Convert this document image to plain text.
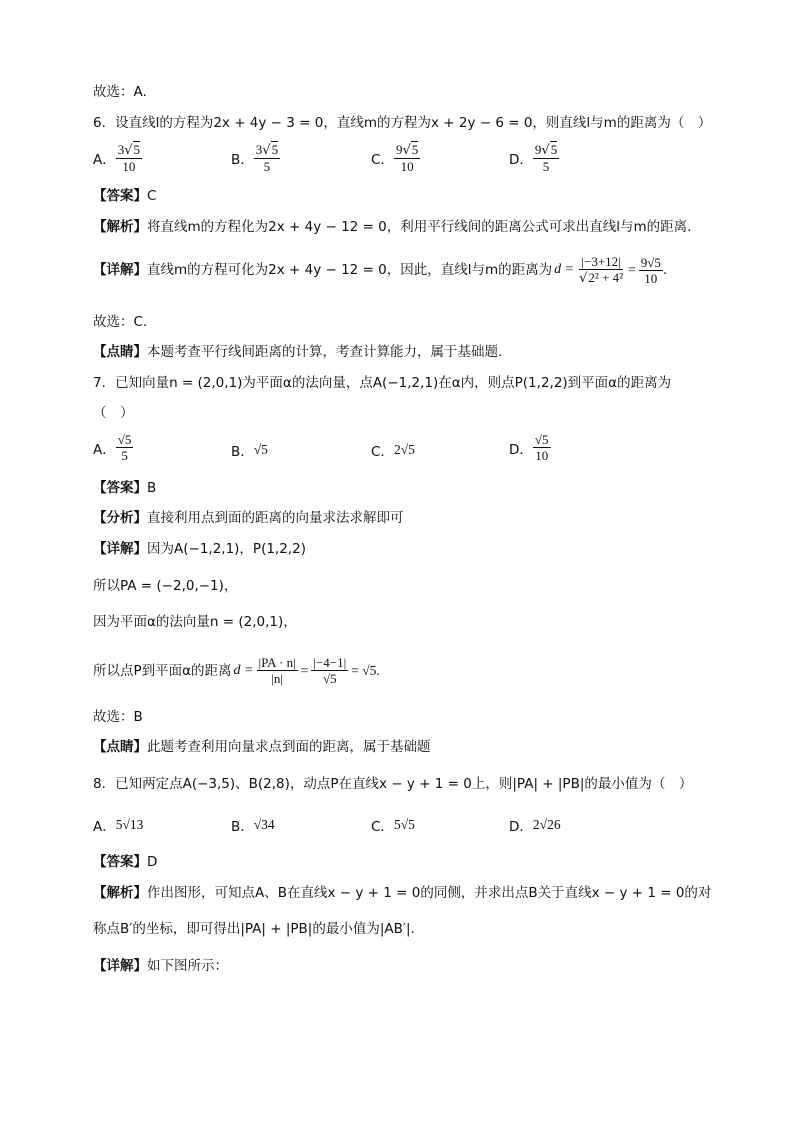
故选：A.
6．设直线l的方程为2x + 4y − 3 = 0，直线m的方程为x + 2y − 6 = 0，则直线l与m的距离为（　）
A． $\frac{3√5}{10}$	B． $\frac{3√5}{5}$	C． $\frac{9√5}{10}$	D． $\frac{9√5}{5}$
【答案】C
【解析】将直线m的方程化为2x + 4y − 12 = 0，利用平行线间的距离公式可求出直线l与m的距离.
【详解】 直线m的方程可化为2x + 4y − 12 = 0，因此，直线l与m的距离为 $d = \frac{|-3+12|}{\text{√2² + 4²}} = \frac{9√5}{10}$ .
故选：C.
【点睛】本题考查平行线间距离的计算，考查计算能力，属于基础题.
7．已知向量n = (2,0,1)为平面α的法向量，点A(−1,2,1)在α内，则点P(1,2,2)到平面α的距离为
（　）
A． $\frac{√5}{5}$	B． √5	C． 2√5	D． $\frac{√5}{10}$
【答案】B
【分析】直接利用点到面的距离的向量求法求解即可
【详解】因为A(−1,2,1)，P(1,2,2)
所以PA = (−2,0,−1)，
因为平面α的法向量n = (2,0,1)，
所以点P到平面α的距离 $d = \frac{|PA \cdot n|}{|n|} = \frac{|-4-1|}{√5} = √5$.
故选：B
【点睛】此题考查利用向量求点到面的距离，属于基础题
8．已知两定点A(−3,5)、B(2,8)，动点P在直线x − y + 1 = 0上，则|PA| + |PB|的最小值为（　）
A． 5√13	B． √34	C． 5√5	D． 2√26
【答案】D
【解析】作出图形，可知点A、B在直线x − y + 1 = 0的同侧，并求出点B关于直线x − y + 1 = 0的对
称点B′的坐标，即可得出|PA| + |PB|的最小值为|AB′|.
【详解】如下图所示：
